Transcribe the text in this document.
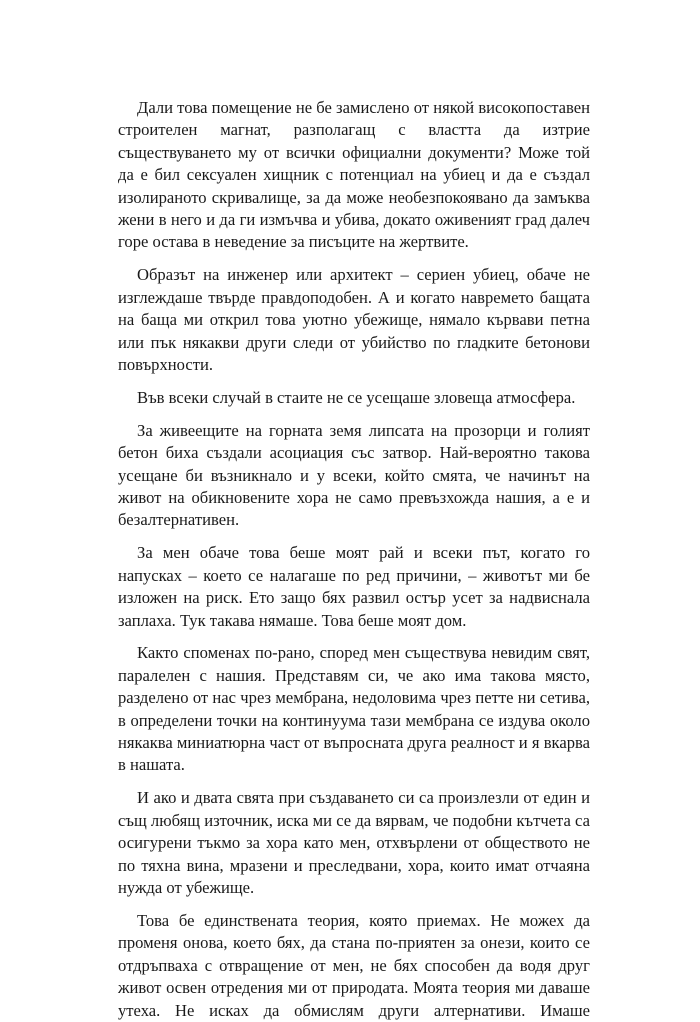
Дали това помещение не бе замислено от някой високопоставен строителен магнат, разполагащ с властта да изтрие съществуването му от всички официални документи? Може той да е бил сексуален хищник с потенциал на убиец и да е създал изолираното скривалище, за да може необезпокоявано да замъква жени в него и да ги измъчва и убива, докато оживеният град далеч горе остава в неведение за писъците на жертвите.

Образът на инженер или архитект – сериен убиец, обаче не изглеждаше твърде правдоподобен. А и когато навремето бащата на баща ми открил това уютно убежище, нямало кървави петна или пък някакви други следи от убийство по гладките бетонови повърхности.

Във всеки случай в стаите не се усещаше зловеща атмосфера.

За живеещите на горната земя липсата на прозорци и голият бетон биха създали асоциация със затвор. Най-вероятно такова усещане би възникнало и у всеки, който смята, че начинът на живот на обикновените хора не само превъзхожда нашия, а е и безалтернативен.

За мен обаче това беше моят рай и всеки път, когато го напусках – което се налагаше по ред причини, – животът ми бе изложен на риск. Ето защо бях развил остър усет за надвиснала заплаха. Тук такава нямаше. Това беше моят дом.

Както споменах по-рано, според мен съществува невидим свят, паралелен с нашия. Представям си, че ако има такова място, разделено от нас чрез мембрана, недоловима чрез петте ни сетива, в определени точки на континуума тази мембрана се издува около някаква миниатюрна част от въпросната друга реалност и я вкарва в нашата.

И ако и двата свята при създаването си са произлезли от един и същ любящ източник, иска ми се да вярвам, че подобни кътчета са осигурени тъкмо за хора като мен, отхвърлени от обществото не по тяхна вина, мразени и преследвани, хора, които имат отчаяна нужда от убежище.

Това бе единствената теория, която приемах. Не можех да променя онова, което бях, да стана по-приятен за онези, които се отдръпваха с отвращение от мен, не бях способен да водя друг живот освен отредения ми от природата. Моята теория ми даваше утеха. Не исках да обмислям други алтернативи. Имаше
